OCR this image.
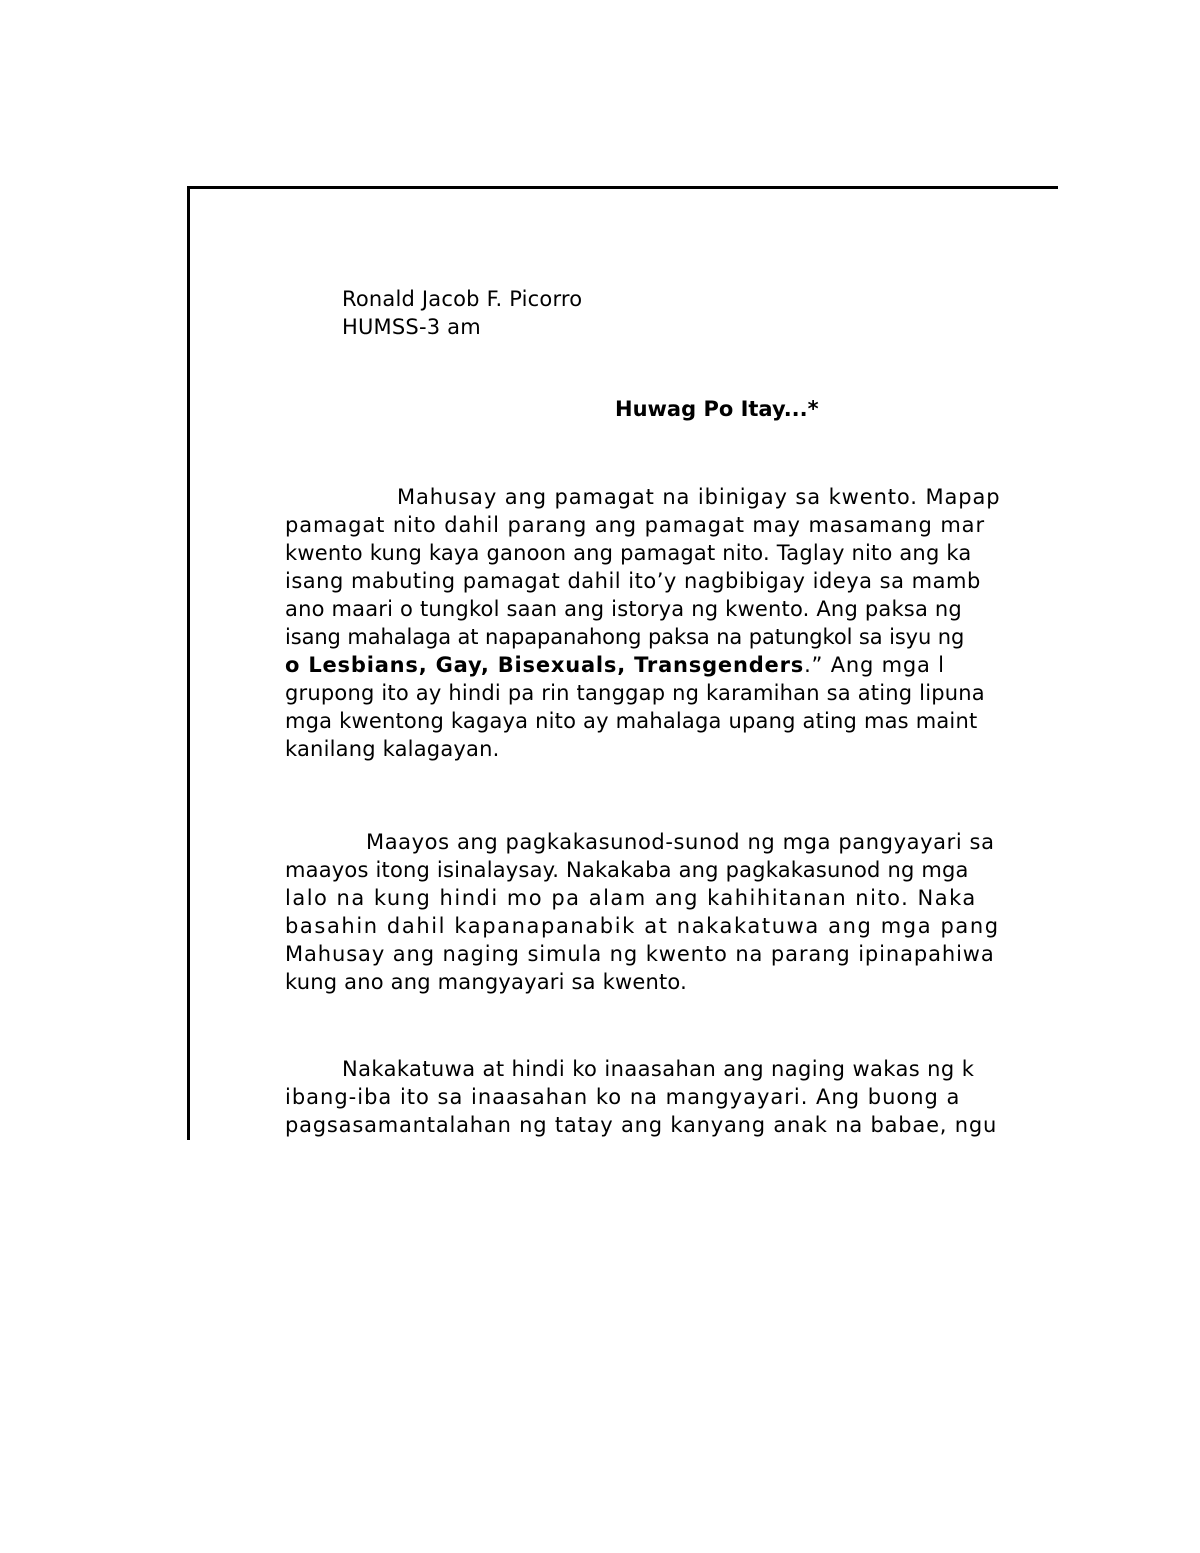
Ronald Jacob F. Picorro
HUMSS-3 am
Huwag Po Itay...*
Mahusay ang pamagat na ibinigay sa kwento. Mapap
pamagat nito dahil parang ang pamagat may masamang mar
kwento kung kaya ganoon ang pamagat nito. Taglay nito ang ka
isang mabuting pamagat dahil ito’y nagbibigay ideya sa mamb
ano maari o tungkol saan ang istorya ng kwento. Ang paksa ng
isang mahalaga at napapanahong paksa na patungkol sa isyu ng
o Lesbians, Gay, Bisexuals, Transgenders.” Ang mga l
grupong ito ay hindi pa rin tanggap ng karamihan sa ating lipuna
mga kwentong kagaya nito ay mahalaga upang ating mas maint
kanilang kalagayan.
Maayos ang pagkakasunod-sunod ng mga pangyayari sa
maayos itong isinalaysay. Nakakaba ang pagkakasunod ng mga
lalo na kung hindi mo pa alam ang kahihitanan nito. Naka
basahin dahil kapanapanabik at nakakatuwa ang mga pang
Mahusay ang naging simula ng kwento na parang ipinapahiwa
kung ano ang mangyayari sa kwento.
Nakakatuwa at hindi ko inaasahan ang naging wakas ng k
ibang-iba ito sa inaasahan ko na mangyayari. Ang buong a
pagsasamantalahan ng tatay ang kanyang anak na babae, ngu
